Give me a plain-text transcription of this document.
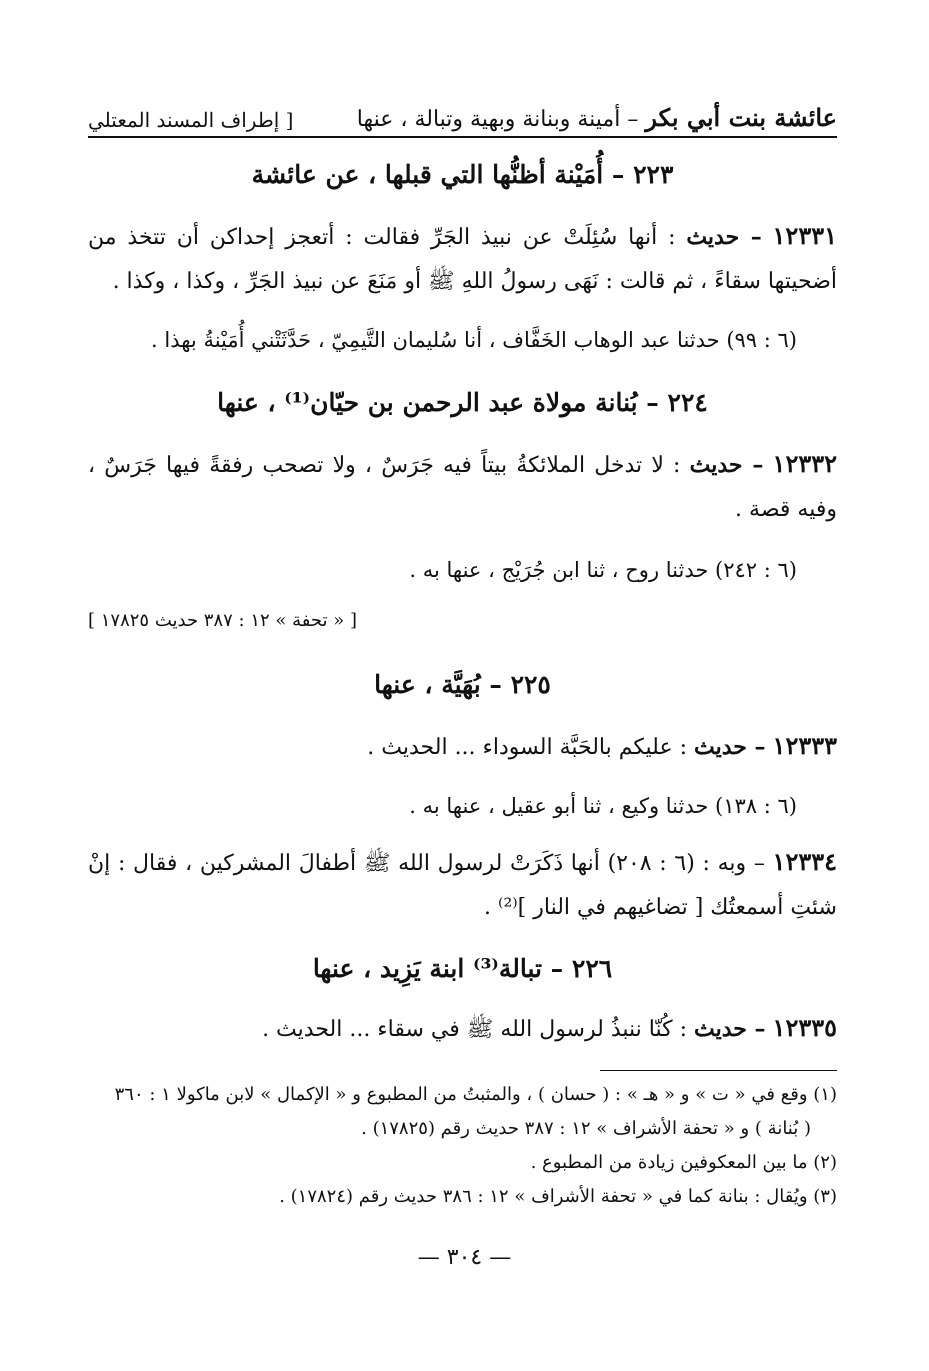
عائشة بنت أبي بكر – أمينة وبنانة وبهية وتبالة ، عنها
[ إطراف المسند المعتلي
٢٢٣ – أُمَيْنة أظنُّها التي قبلها ، عن عائشة
١٢٣٣١ – حديث : أنها سُئِلَتْ عن نبيذ الجَرِّ فقالت : أتعجز إحداكن أن تتخذ من أضحيتها سقاءً ، ثم قالت : نَهَى رسولُ اللهِ ﷺ أو مَنَعَ عن نبيذ الجَرِّ ، وكذا ، وكذا .
(٦ : ٩٩) حدثنا عبد الوهاب الخَفَّاف ، أنا سُليمان التَّيمِيّ ، حَدَّثَتْني أُمَيْنةُ بهذا .
٢٢٤ – بُنانة مولاة عبد الرحمن بن حيّان⁽¹⁾ ، عنها
١٢٣٣٢ – حديث : لا تدخل الملائكةُ بيتاً فيه جَرَسٌ ، ولا تصحب رفقةً فيها جَرَسٌ ، وفيه قصة .
(٦ : ٢٤٢) حدثنا روح ، ثنا ابن جُرَيْج ، عنها به .
[ « تحفة » ١٢ : ٣٨٧ حديث ١٧٨٢٥ ]
٢٢٥ – بُهَيَّة ، عنها
١٢٣٣٣ – حديث : عليكم بالحَبَّة السوداء ... الحديث .
(٦ : ١٣٨) حدثنا وكيع ، ثنا أبو عقيل ، عنها به .
١٢٣٣٤ – وبه : (٦ : ٢٠٨) أنها ذَكَرَتْ لرسول الله ﷺ أطفالَ المشركين ، فقال : إنْ شئتِ أسمعتُك [ تضاغيهم في النار ]⁽²⁾ .
٢٢٦ – تبالة⁽³⁾ ابنة يَزِيد ، عنها
١٢٣٣٥ – حديث : كُنّا ننبذُ لرسول الله ﷺ في سقاء ... الحديث .
(١) وقع في « ت » و « هـ » : ( حسان ) ، والمثبتُ من المطبوع و « الإكمال » لابن ماكولا ١ : ٣٦٠
( بُنانة ) و « تحفة الأشراف » ١٢ : ٣٨٧ حديث رقم (١٧٨٢٥) .
(٢) ما بين المعكوفين زيادة من المطبوع .
(٣) ويُقال : بنانة كما في « تحفة الأشراف » ١٢ : ٣٨٦ حديث رقم (١٧٨٢٤) .
— ٣٠٤ —
